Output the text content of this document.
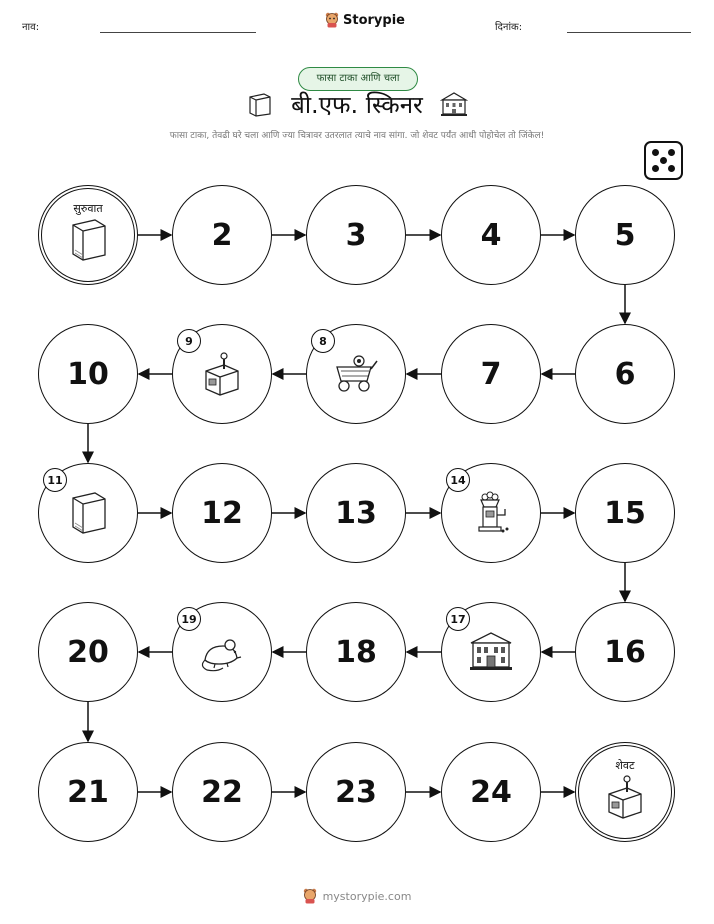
नाव:	Storypie	दिनांक:
फासा टाका आणि चला
बी.एफ. स्किनर
फासा टाका, तेवढी घरे चला आणि ज्या चित्रावर उतरलात त्याचे नाव सांगा. जो शेवट पर्यंत आधी पोहोचेल तो जिंकेल!
सुरुवात
2	3	4	5
6
7
8
9
10
11
12	13
14
15
16
17
18
19
20
21	22	23	24
शेवट
mystorypie.com
